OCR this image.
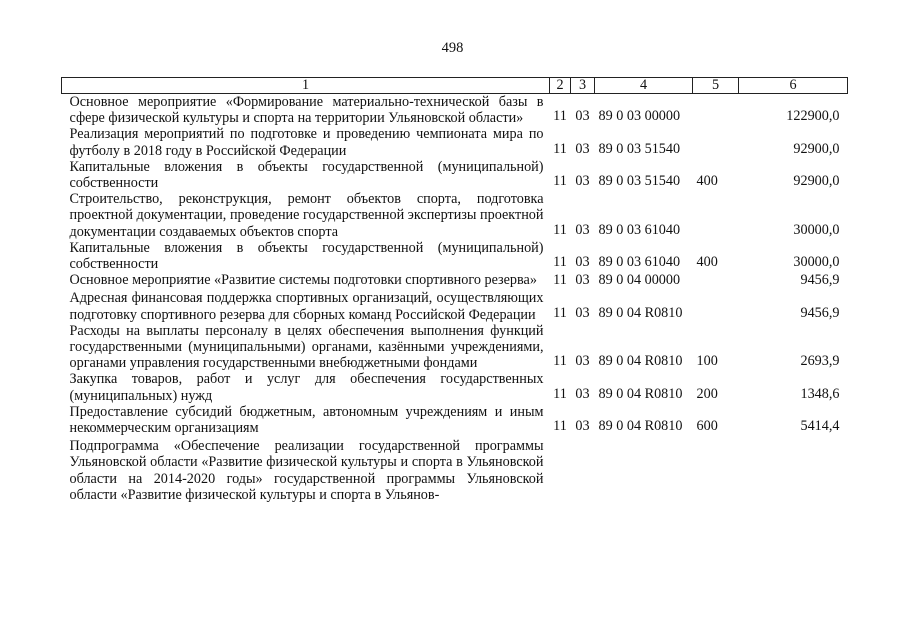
498
1	2	3	4	5	6
Основное мероприятие «Формирование материально-технической базы в сфере физической культуры и спорта на территории Ульяновской области»	11	03	89 0 03 00000		122900,0
Реализация мероприятий по подготовке и проведению чемпионата мира по футболу в 2018 году в Российской Федерации	11	03	89 0 03 51540		92900,0
Капитальные вложения в объекты государственной (муниципальной) собственности	11	03	89 0 03 51540	400	92900,0
Строительство, реконструкция, ремонт объектов спорта, подготовка проектной документации, проведение государственной экспертизы проектной документации создаваемых объектов спорта	11	03	89 0 03 61040		30000,0
Капитальные вложения в объекты государственной (муниципальной) собственности	11	03	89 0 03 61040	400	30000,0
Основное мероприятие «Развитие системы подготовки спортивного резерва»	11	03	89 0 04 00000		9456,9
Адресная финансовая поддержка спортивных организаций, осуществляющих подготовку спортивного резерва для сборных команд Российской Федерации	11	03	89 0 04 R0810		9456,9
Расходы на выплаты персоналу в целях обеспечения выполнения функций государственными (муниципальными) органами, казёнными учреждениями, органами управления государственными внебюджетными фондами	11	03	89 0 04 R0810	100	2693,9
Закупка товаров, работ и услуг для обеспечения государственных (муниципальных) нужд	11	03	89 0 04 R0810	200	1348,6
Предоставление субсидий бюджетным, автономным учреждениям и иным некоммерческим организациям	11	03	89 0 04 R0810	600	5414,4
Подпрограмма «Обеспечение реализации государственной программы Ульяновской области «Развитие физической культуры и спорта в Ульяновской области на 2014-2020 годы» государственной программы Ульяновской области «Развитие физической культуры и спорта в Ульянов-					
